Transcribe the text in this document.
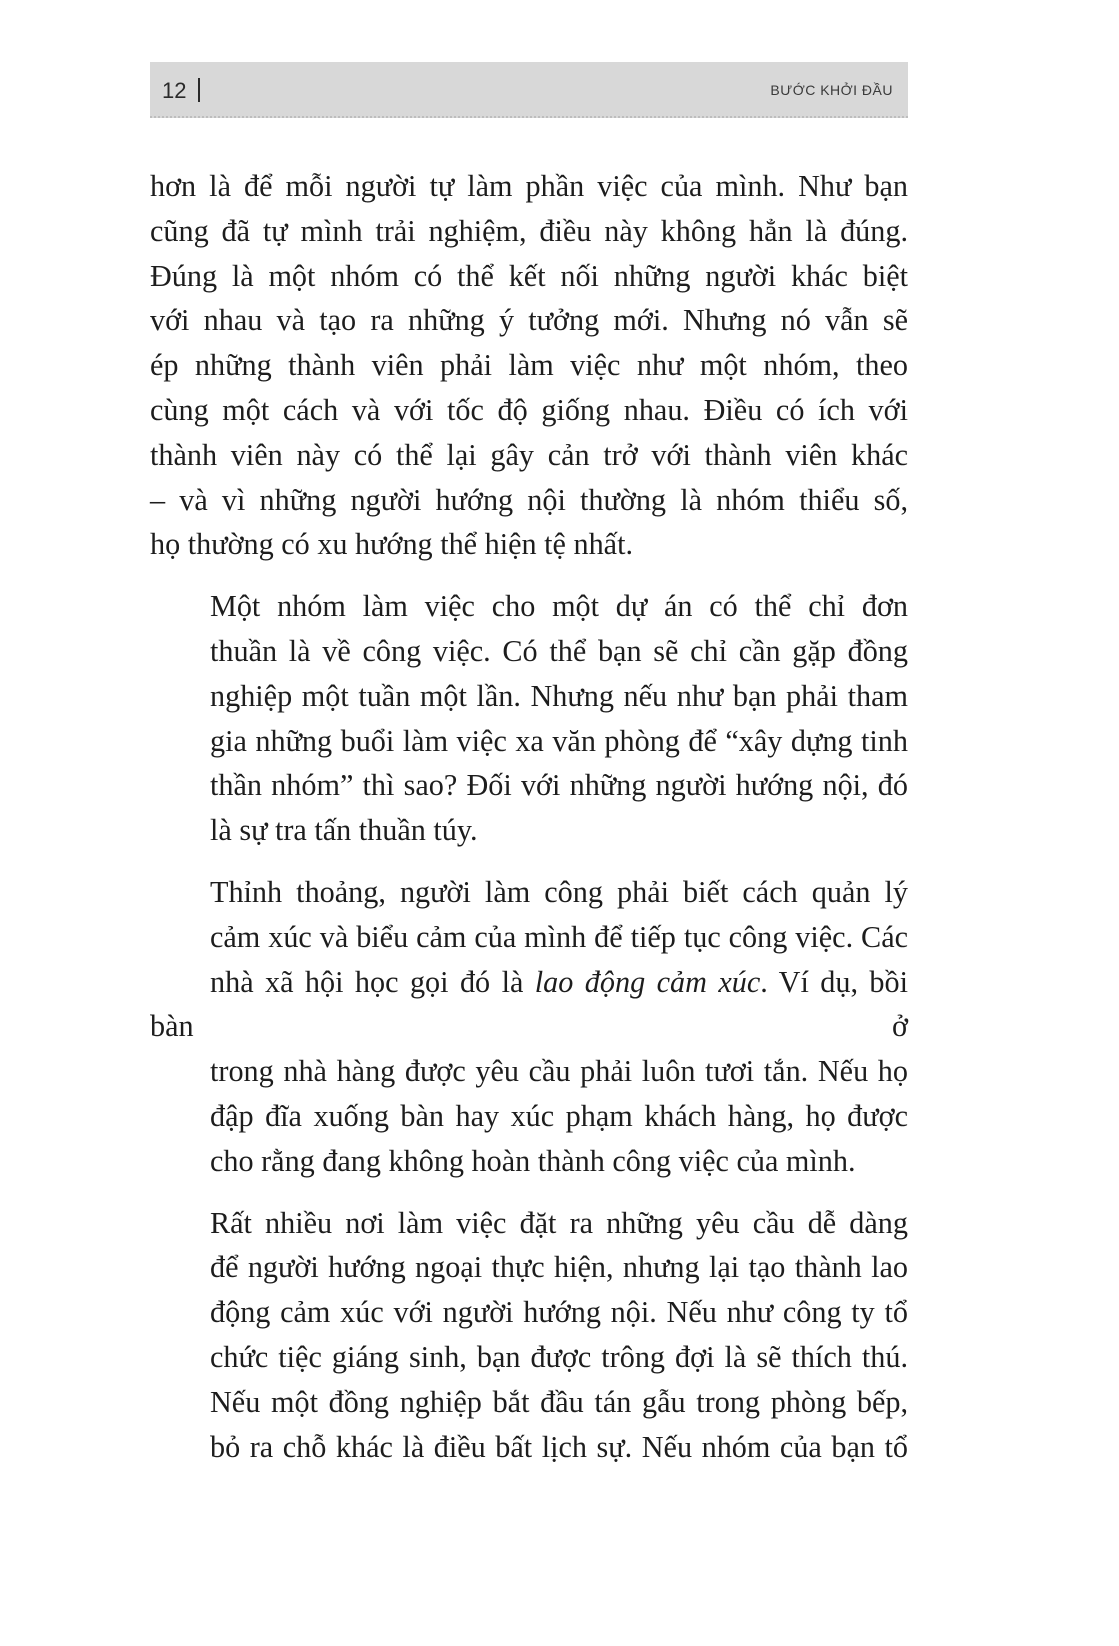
12	BƯỚC KHỞI ĐẦU

hơn là để mỗi người tự làm phần việc của mình. Như bạn
cũng đã tự mình trải nghiệm, điều này không hẳn là đúng.
Đúng là một nhóm có thể kết nối những người khác biệt
với nhau và tạo ra những ý tưởng mới. Nhưng nó vẫn sẽ
ép những thành viên phải làm việc như một nhóm, theo
cùng một cách và với tốc độ giống nhau. Điều có ích với
thành viên này có thể lại gây cản trở với thành viên khác
– và vì những người hướng nội thường là nhóm thiểu số,
họ thường có xu hướng thể hiện tệ nhất.

Một nhóm làm việc cho một dự án có thể chỉ đơn
thuần là về công việc. Có thể bạn sẽ chỉ cần gặp đồng
nghiệp một tuần một lần. Nhưng nếu như bạn phải tham
gia những buổi làm việc xa văn phòng để “xây dựng tinh
thần nhóm” thì sao? Đối với những người hướng nội, đó
là sự tra tấn thuần túy.

Thỉnh thoảng, người làm công phải biết cách quản lý
cảm xúc và biểu cảm của mình để tiếp tục công việc. Các
nhà xã hội học gọi đó là lao động cảm xúc. Ví dụ, bồi bàn ở
trong nhà hàng được yêu cầu phải luôn tươi tắn. Nếu họ
đập đĩa xuống bàn hay xúc phạm khách hàng, họ được
cho rằng đang không hoàn thành công việc của mình.

Rất nhiều nơi làm việc đặt ra những yêu cầu dễ dàng
để người hướng ngoại thực hiện, nhưng lại tạo thành lao
động cảm xúc với người hướng nội. Nếu như công ty tổ
chức tiệc giáng sinh, bạn được trông đợi là sẽ thích thú.
Nếu một đồng nghiệp bắt đầu tán gẫu trong phòng bếp,
bỏ ra chỗ khác là điều bất lịch sự. Nếu nhóm của bạn tổ
